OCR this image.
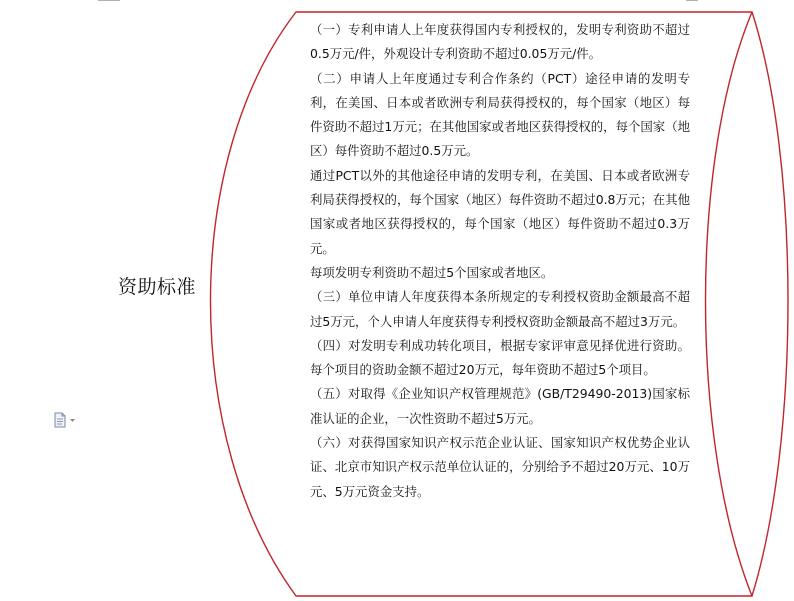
资助标准

（一）专利申请人上年度获得国内专利授权的，发明专利资助不超过0.5万元/件，外观设计专利资助不超过0.05万元/件。

（二）申请人上年度通过专利合作条约（PCT）途径申请的发明专利，在美国、日本或者欧洲专利局获得授权的，每个国家（地区）每件资助不超过1万元；在其他国家或者地区获得授权的，每个国家（地区）每件资助不超过0.5万元。

通过PCT以外的其他途径申请的发明专利，在美国、日本或者欧洲专利局获得授权的，每个国家（地区）每件资助不超过0.8万元；在其他国家或者地区获得授权的，每个国家（地区）每件资助不超过0.3万元。

每项发明专利资助不超过5个国家或者地区。

（三）单位申请人年度获得本条所规定的专利授权资助金额最高不超过5万元，个人申请人年度获得专利授权资助金额最高不超过3万元。

（四）对发明专利成功转化项目，根据专家评审意见择优进行资助。每个项目的资助金额不超过20万元，每年资助不超过5个项目。

（五）对取得《企业知识产权管理规范》(GB/T29490-2013)国家标准认证的企业，一次性资助不超过5万元。

（六）对获得国家知识产权示范企业认证、国家知识产权优势企业认证、北京市知识产权示范单位认证的，分别给予不超过20万元、10万元、5万元资金支持。
